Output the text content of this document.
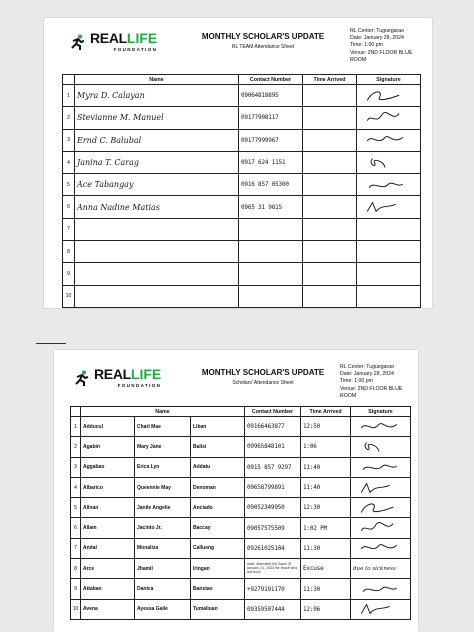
REALLIFE
FOUNDATION
MONTHLY SCHOLAR'S UPDATE
RL TEAM Attendance Sheet
RL Center: Tuguegarao
Date: January 28, 2024
Time: 1:00 pm
Venue: 2ND FLOOR BLUE
ROOM
	Name	Contact Number	Time Arrived	Signature
1	Myra D. Calayan	09064818895		

2	Stevianne M. Manuel	09177908117		

3	Ernd C. Balubal	09177999967		

4	Janina T. Carag	0917 624 1151		

5	Ace Tabangay	0916 857 05300		

6	Anna Nadine Matias	0965 31 9815		

7				
8				
9				
10				
REALLIFE
FOUNDATION
MONTHLY SCHOLAR'S UPDATE
Scholars' Attendance Sheet
RL Center: Tuguegarao
Date: January 28, 2024
Time: 1:00 pm
Venue: 2ND FLOOR BLUE
ROOM
	Name			Contact Number	Time Arrived	Signature
1	Adducul	Charl Mae	Liban	09166463877	12:50	

2	Agabin	Mary Jane	Balisi	09965848101	1:06	

3	Aggabao	Erica Lyn	Addatu	0915 857 9297	11:40	

4	Albarico	Queennie May	Denoman	09658799891	11:40	

5	Allnan	Janile Angelie	Anciado	09052349950	12:30	

6	Allam	Jacinto Jr.	Baccay	09057575509	1:02 PM	

7	Andal	Monaliza	Callueng	09261025104	11:30	

8	Arce	Jhamil	Iringan	note: Attended Via Zoom @ January 21, 2024 for those who are busy	Excuse	due to sickness

9	Attaban	Danica	Banstao	+9279191170	11:30	

10	Avena	Ayessa Gaile	Tumaliuan	09359507444	12:06	
